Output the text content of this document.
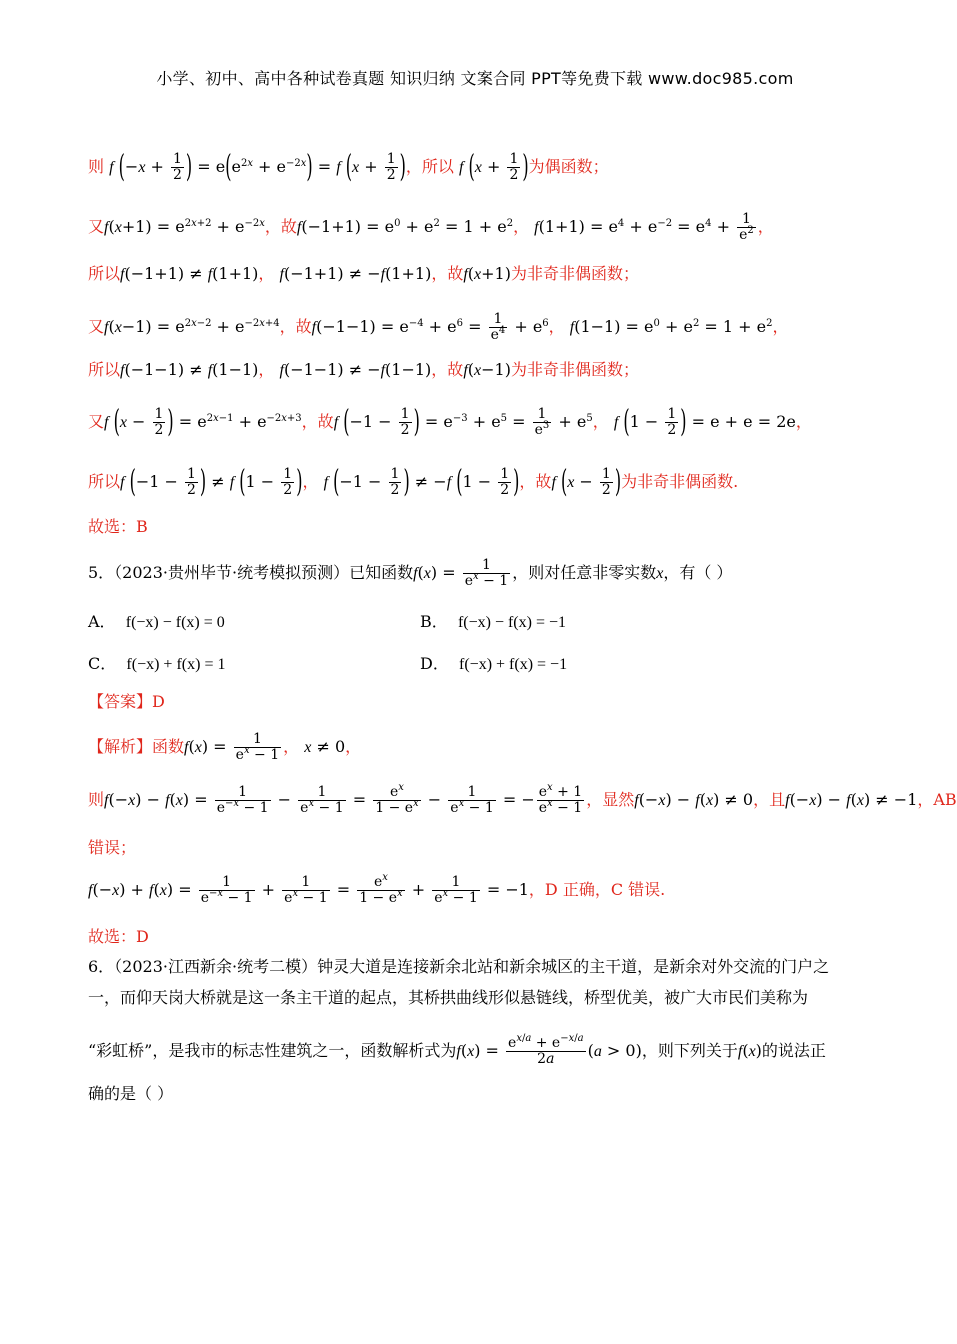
小学、初中、高中各种试卷真题 知识归纳 文案合同 PPT等免费下载 www.doc985.com
则 f ($-x + \frac{1}{2}$ ) = $e(e^{2x} + e^{-2x}) = f$ ($x + \frac{1}{2}$ )，所以 f ($x + \frac{1}{2}$ )为偶函数；
又$f(x+1) = e^{2x+2} + e^{-2x}$，故$f(-1+1) = e^0 + e^2 = 1 + e^2$， $f(1+1) = e^4 + e^{-2} = e^4 + \frac{1}{e^2}$ ，
所以f(−1+1) ≠ f(1+1)， f(−1+1) ≠ −f(1+1)，故f(x+1)为非奇非偶函数；
又$f(x-1) = e^{2x-2} + e^{-2x+4}$，故$f(-1-1) = e^{-4} + e^6 = \frac{1}{e^4} + e^6$， $f(1-1) = e^0 + e^2 = 1 + e^2$，
所以f(−1−1) ≠ f(1−1)， f(−1−1) ≠ −f(1−1)，故f(x−1)为非奇非偶函数；
又f ($x - \frac{1}{2}$ ) = $e^{2x-1} + e^{-2x+3}$，故f ($-1 - \frac{1}{2}$ ) = $e^{-3} + e^5 = \frac{1}{e^3} + e^5$， f ($1 - \frac{1}{2}$ ) = e + e = 2e，
所以f ($-1 - \frac{1}{2}$ ) ≠ f ($1 - \frac{1}{2}$ )， f ($-1 - \frac{1}{2}$ ) ≠ −f ($1 - \frac{1}{2}$ )，故f ($x - \frac{1}{2}$ )为非奇非偶函数.
故选：B
5．（2023·贵州毕节·统考模拟预测）已知函数$f(x) = \frac{1}{e^x - 1}$ ，则对任意非零实数x，有（ ）
A． f(−x) − f(x) = 0	B． f(−x) − f(x) = −1
C． f(−x) + f(x) = 1	D． f(−x) + f(x) = −1
【答案】D
【解析】函数$f(x) = \frac{1}{e^x - 1}$ ， x ≠ 0，
则$f(-x) - f(x) = \frac{1}{e^{-x} - 1} - \frac{1}{e^x - 1} = \frac{e^x}{1 - e^x} - \frac{1}{e^x - 1}$ = − $\frac{e^x + 1}{e^x - 1}$ ，显然f(−x) − f(x) ≠ 0，且f(−x) − f(x) ≠ −1，AB
错误；
$f(-x) + f(x) = \frac{1}{e^{-x} - 1} + \frac{1}{e^x - 1} = \frac{e^x}{1 - e^x} + \frac{1}{e^x - 1} = -1$，D 正确，C 错误.
故选：D
6．（2023·江西新余·统考二模）钟灵大道是连接新余北站和新余城区的主干道，是新余对外交流的门户之
一，而仰天岗大桥就是这一条主干道的起点，其桥拱曲线形似悬链线，桥型优美，被广大市民们美称为
“彩虹桥”，是我市的标志性建筑之一，函数解析式为$f(x) = \frac{e^{x/a} + e^{-x/a}}{2a} (a > 0)$，则下列关于f(x)的说法正
确的是（ ）
